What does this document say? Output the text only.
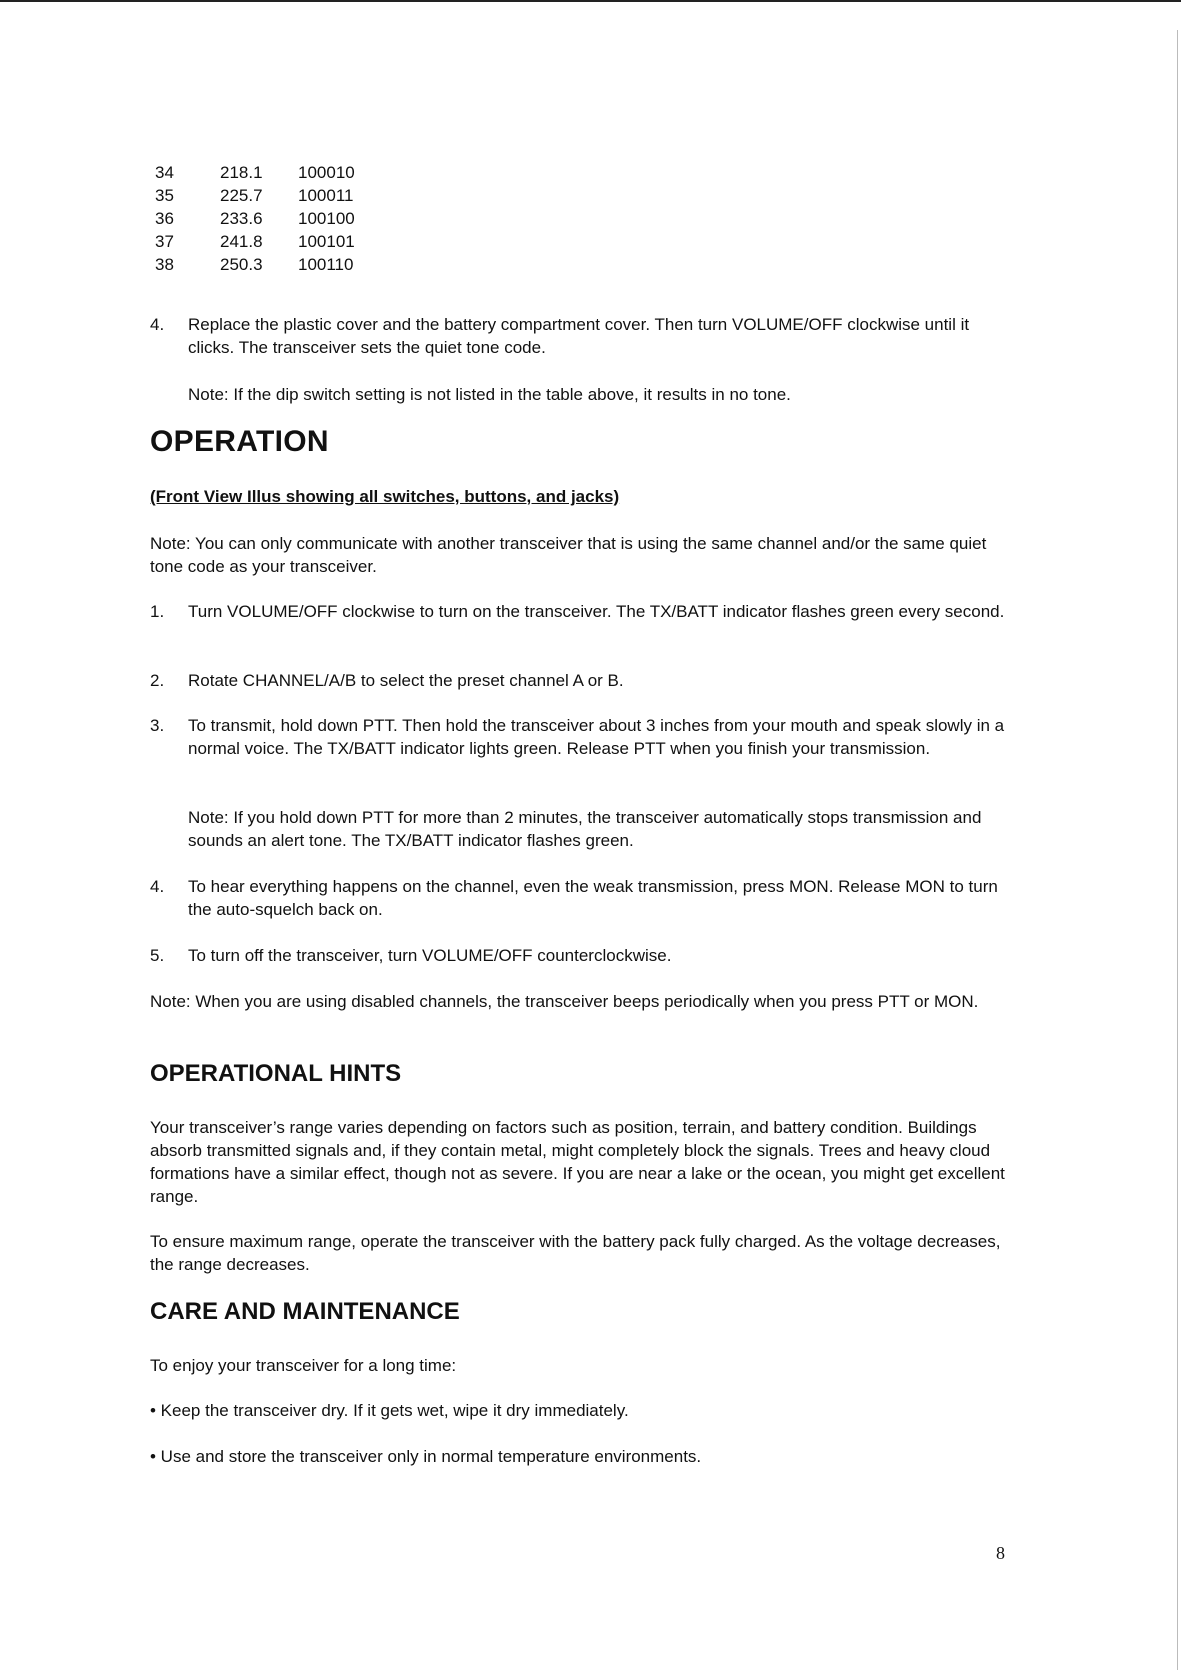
34	218.1 100010
35	225.7 100011
36	233.6 100100
37	241.8 100101
38	250.3 100110
4. Replace the plastic cover and the battery compartment cover. Then turn VOLUME/OFF clockwise until it clicks. The transceiver sets the quiet tone code.
Note: If the dip switch setting is not listed in the table above, it results in no tone.
OPERATION
(Front View Illus showing all switches, buttons, and jacks)
Note: You can only communicate with another transceiver that is using the same channel and/or the same quiet tone code as your transceiver.
1. Turn VOLUME/OFF clockwise to turn on the transceiver. The TX/BATT indicator flashes green every second.
2. Rotate CHANNEL/A/B to select the preset channel A or B.
3. To transmit, hold down PTT. Then hold the transceiver about 3 inches from your mouth and speak slowly in a normal voice. The TX/BATT indicator lights green. Release PTT when you finish your transmission.
Note: If you hold down PTT for more than 2 minutes, the transceiver automatically stops transmission and sounds an alert tone. The TX/BATT indicator flashes green.
4. To hear everything happens on the channel, even the weak transmission, press MON. Release MON to turn the auto-squelch back on.
5. To turn off the transceiver, turn VOLUME/OFF counterclockwise.
Note: When you are using disabled channels, the transceiver beeps periodically when you press PTT or MON.
OPERATIONAL HINTS
Your transceiver’s range varies depending on factors such as position, terrain, and battery condition. Buildings absorb transmitted signals and, if they contain metal, might completely block the signals. Trees and heavy cloud formations have a similar effect, though not as severe. If you are near a lake or the ocean, you might get excellent range.
To ensure maximum range, operate the transceiver with the battery pack fully charged. As the voltage decreases, the range decreases.
CARE AND MAINTENANCE
To enjoy your transceiver for a long time:
• Keep the transceiver dry. If it gets wet, wipe it dry immediately.
• Use and store the transceiver only in normal temperature environments.
8
